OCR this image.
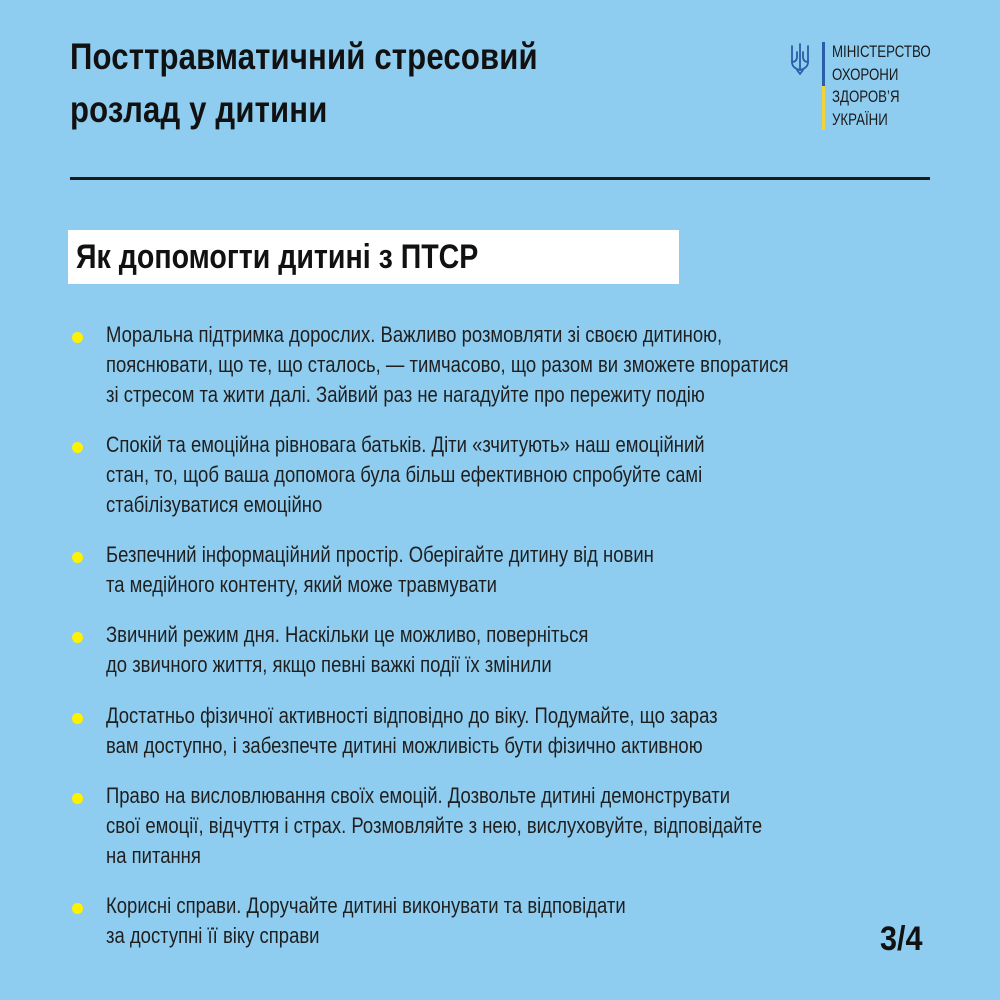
Посттравматичний стресовий
розлад у дитини
МІНІСТЕРСТВО
ОХОРОНИ
ЗДОРОВ’Я
УКРАЇНИ
Як допомогти дитині з ПТСР
Моральна підтримка дорослих. Важливо розмовляти зі своєю дитиною,
пояснювати, що те, що сталось, — тимчасово, що разом ви зможете впоратися
зі стресом та жити далі. Зайвий раз не нагадуйте про пережиту подію
Спокій та емоційна рівновага батьків. Діти «зчитують» наш емоційний
стан, то, щоб ваша допомога була більш ефективною спробуйте самі
стабілізуватися емоційно
Безпечний інформаційний простір. Оберігайте дитину від новин
та медійного контенту, який може травмувати
Звичний режим дня. Наскільки це можливо, поверніться
до звичного життя, якщо певні важкі події їх змінили
Достатньо фізичної активності відповідно до віку. Подумайте, що зараз
вам доступно, і забезпечте дитині можливість бути фізично активною
Право на висловлювання своїх емоцій. Дозвольте дитині демонструвати
свої емоції, відчуття і страх. Розмовляйте з нею, вислуховуйте, відповідайте
на питання
Корисні справи. Доручайте дитині виконувати та відповідати
за доступні її віку справи	3/4
